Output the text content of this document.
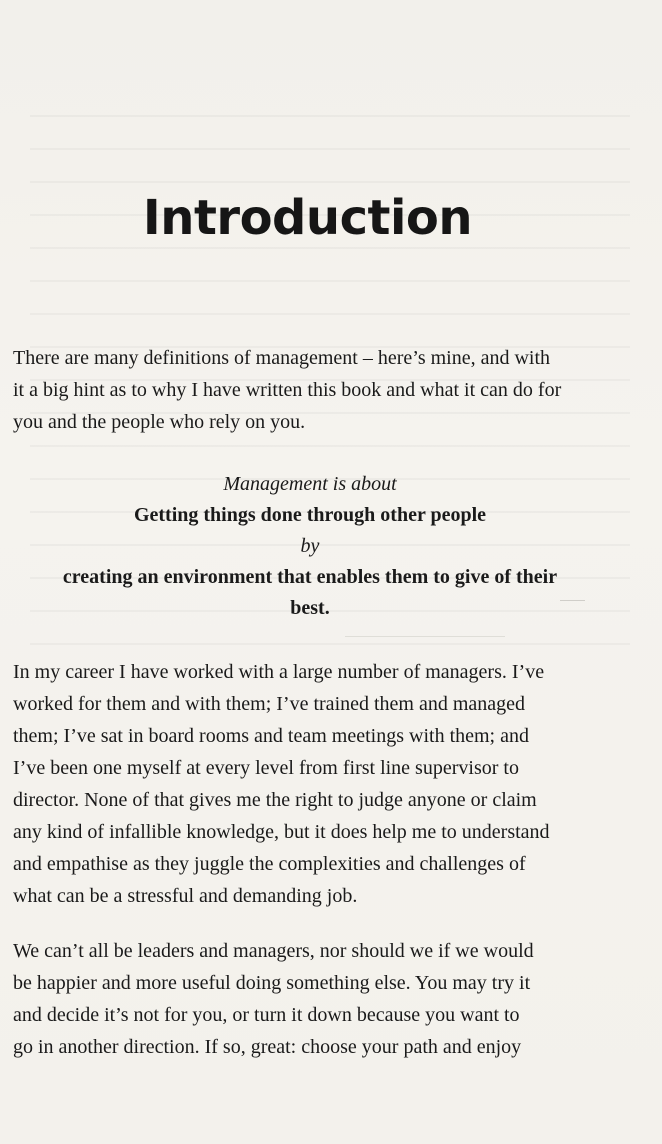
Introduction

There are many definitions of management – here’s mine, and with
it a big hint as to why I have written this book and what it can do for
you and the people who rely on you.

Management is about
Getting things done through other people
by
creating an environment that enables them to give of their
best.

In my career I have worked with a large number of managers. I’ve
worked for them and with them; I’ve trained them and managed
them; I’ve sat in board rooms and team meetings with them; and
I’ve been one myself at every level from first line supervisor to
director. None of that gives me the right to judge anyone or claim
any kind of infallible knowledge, but it does help me to understand
and empathise as they juggle the complexities and challenges of
what can be a stressful and demanding job.

We can’t all be leaders and managers, nor should we if we would
be happier and more useful doing something else. You may try it
and decide it’s not for you, or turn it down because you want to
go in another direction. If so, great: choose your path and enjoy
